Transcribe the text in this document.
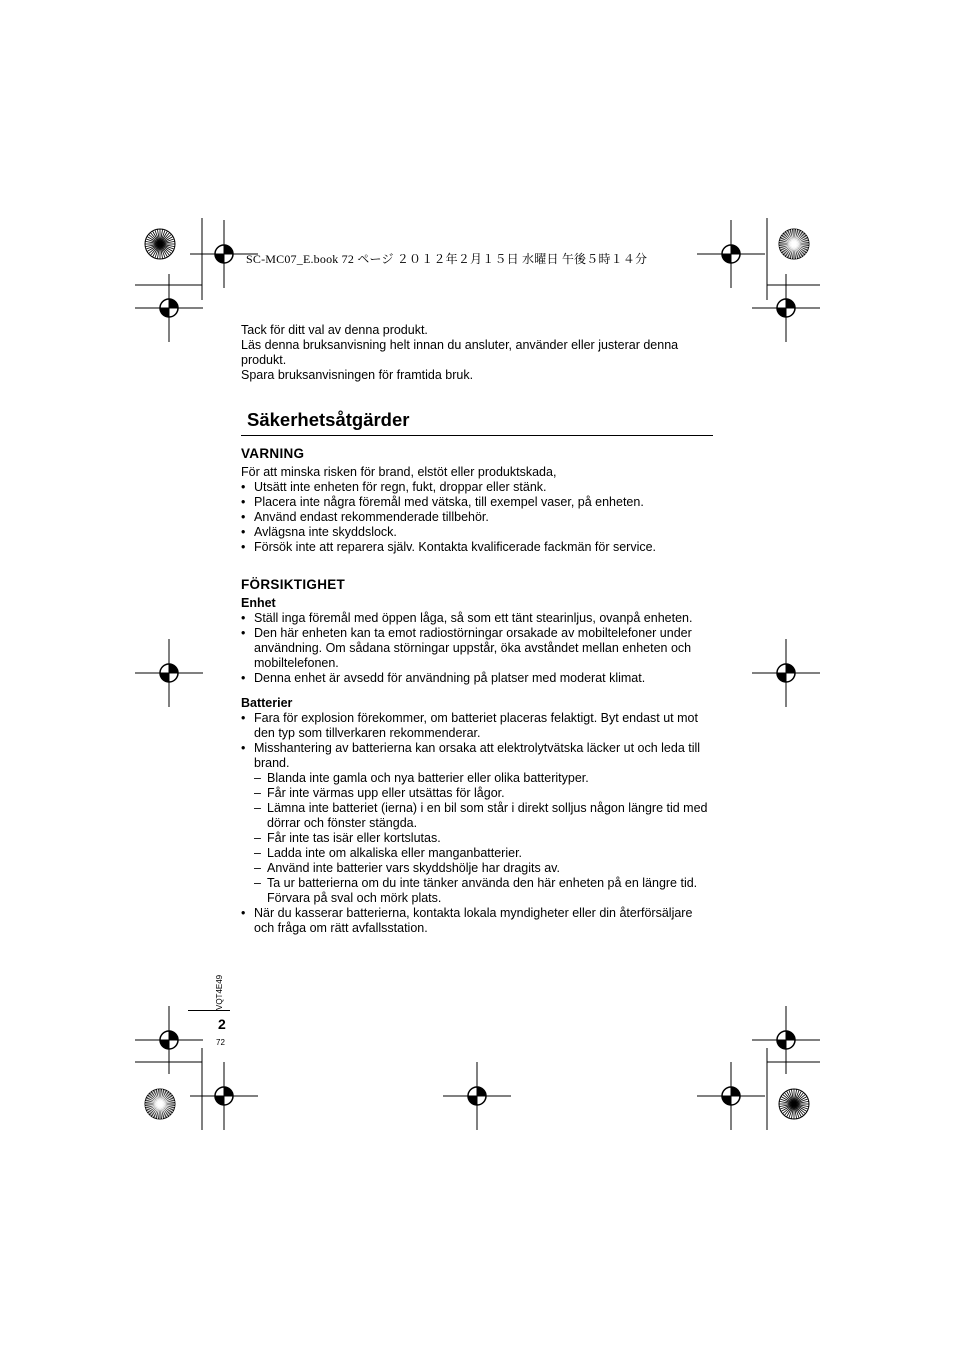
SC-MC07_E.book 72 ページ ２０１２年２月１５日 水曜日 午後５時１４分

Tack för ditt val av denna produkt.

Läs denna bruksanvisning helt innan du ansluter, använder eller justerar denna produkt.

Spara bruksanvisningen för framtida bruk.

Säkerhetsåtgärder
VARNING

För att minska risken för brand, elstöt eller produktskada,

• Utsätt inte enheten för regn, fukt, droppar eller stänk.
• Placera inte några föremål med vätska, till exempel vaser, på enheten.
• Använd endast rekommenderade tillbehör.
• Avlägsna inte skyddslock.
• Försök inte att reparera själv. Kontakta kvalificerade fackmän för service.
FÖRSIKTIGHET
Enhet
• Ställ inga föremål med öppen låga, så som ett tänt stearinljus, ovanpå enheten.
• Den här enheten kan ta emot radiostörningar orsakade av mobiltelefoner under användning. Om sådana störningar uppstår, öka avståndet mellan enheten och mobiltelefonen.
• Denna enhet är avsedd för användning på platser med moderat klimat.
Batterier
• Fara för explosion förekommer, om batteriet placeras felaktigt. Byt endast ut mot den typ som tillverkaren rekommenderar.
• Misshantering av batterierna kan orsaka att elektrolytvätska läcker ut och leda till brand.
– Blanda inte gamla och nya batterier eller olika batterityper.
– Får inte värmas upp eller utsättas för lågor.
– Lämna inte batteriet (ierna) i en bil som står i direkt solljus någon längre tid med dörrar och fönster stängda.
– Får inte tas isär eller kortslutas.
– Ladda inte om alkaliska eller manganbatterier.
– Använd inte batterier vars skyddshölje har dragits av.
– Ta ur batterierna om du inte tänker använda den här enheten på en längre tid. Förvara på sval och mörk plats.
• När du kasserar batterierna, kontakta lokala myndigheter eller din återförsäljare och fråga om rätt avfallsstation.
VQT4E49
2
72
